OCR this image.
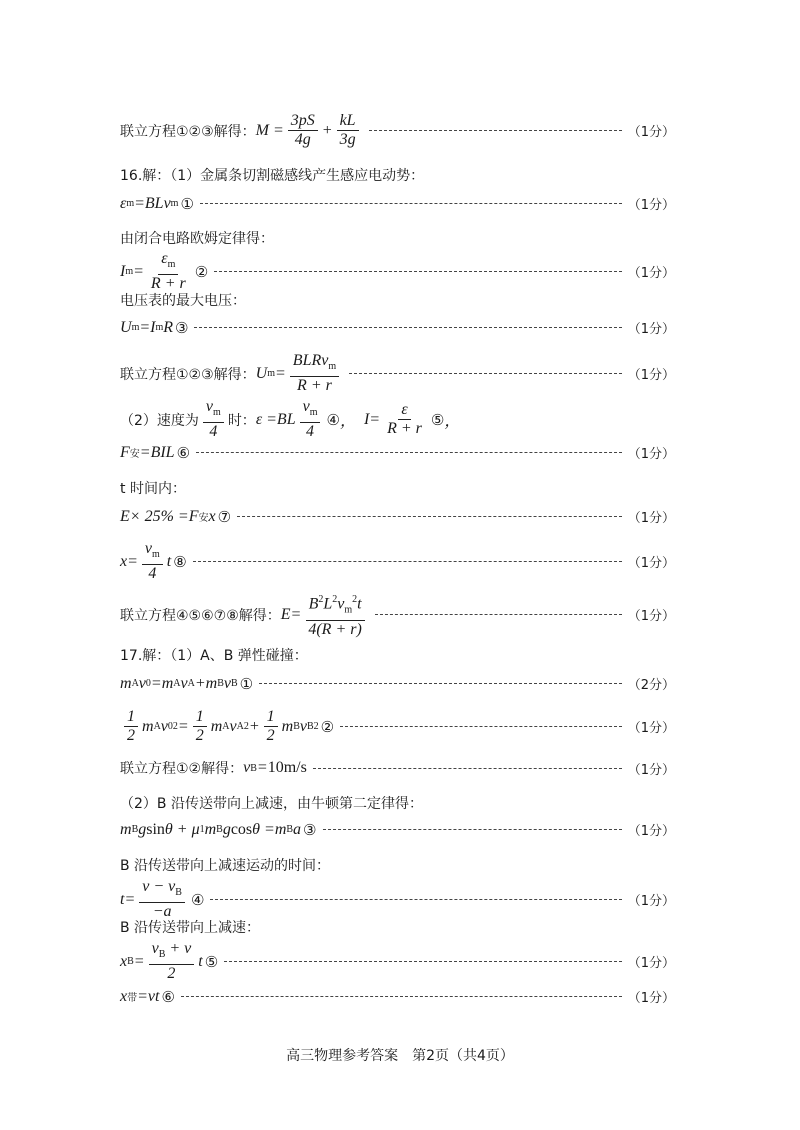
联立方程①②③解得： $M = \frac{3pS}{4g} + \frac{kL}{3g}$	（1分）
16.解：（1）金属条切割磁感线产生感应电动势：
ε m = BLv m ①	（1分）
由闭合电路欧姆定律得：
I $m = \frac{\varepsilon_m}{R + r}$ ②	（1分）
电压表的最大电压：
U m = I m R ③	（1分）
联立方程①②③解得： U $m = \frac{BLRv_m}{R + r}$	（1分）
（2）速度为 $\frac{v_m}{4}$ 时： ε = BL $\frac{v_m}{4}$ ④ ， $I = \frac{\varepsilon}{R + r}$ ⑤ ，
F 安 = BIL ⑥	（1分）
t 时间内：
E × 25% = F 安 x ⑦	（1分）
$x = \frac{v_m}{4}$ t ⑧	（1分）
联立方程④⑤⑥⑦⑧解得： $E = \frac{B^2L^2v_m^2t}{4(R + r)}$	（1分）
17.解：（1）A、B 弹性碰撞：
m A v 0 = m A v A + m B v B ①	（2分）
$\frac{1}{2}$ m A v 0 $2 = \frac{1}{2}$ m A v A $2 + \frac{1}{2}$ m B v B 2 ②	（1分）
联立方程①②解得： v B = 10m/s	（1分）
（2）B 沿传送带向上减速，由牛顿第二定律得：
m B g sin θ + μ 1 m B g cos θ = m B a ③	（1分）
B 沿传送带向上减速运动的时间：
$t = \frac{v - v_B}{-a}$ ④	（1分）
B 沿传送带向上减速：
x $B = \frac{v_B + v}{2}$ t ⑤	（1分）
x 带 = vt ⑥	（1分）
高三物理参考答案　第2页（共4页）
